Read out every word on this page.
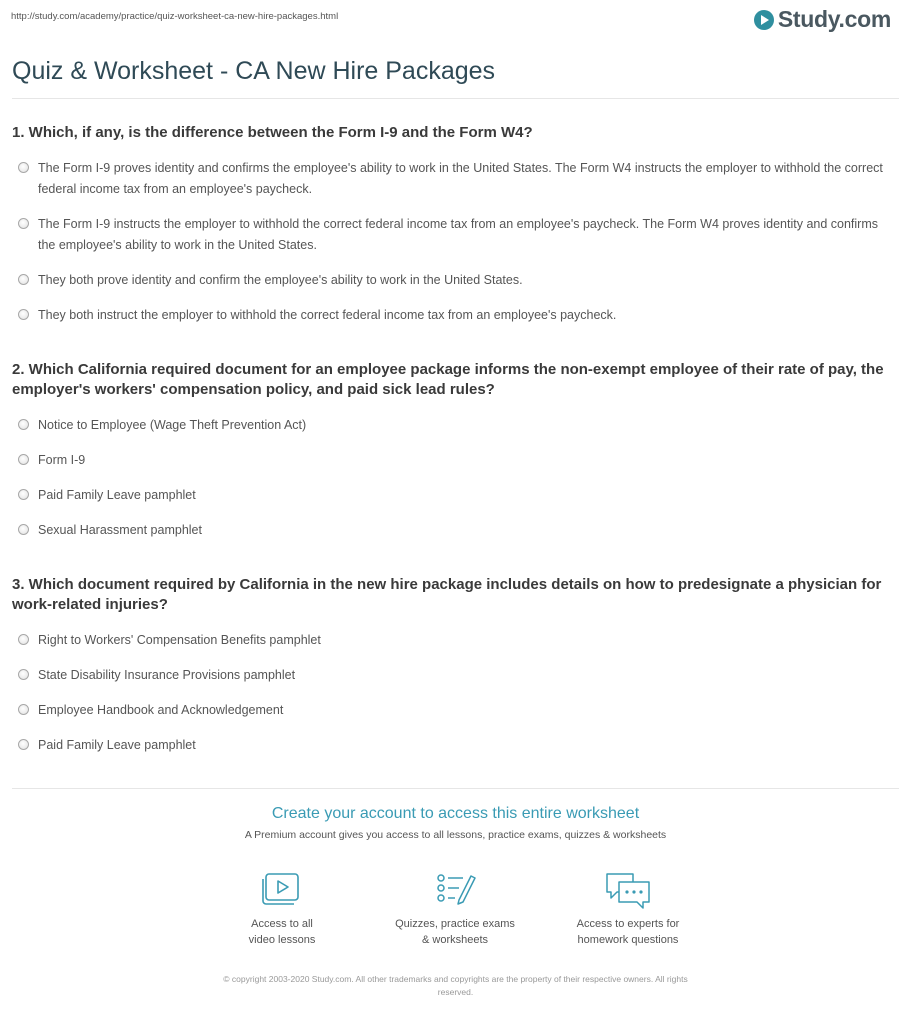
http://study.com/academy/practice/quiz-worksheet-ca-new-hire-packages.html	Study.com
Quiz & Worksheet - CA New Hire Packages

1. Which, if any, is the difference between the Form I-9 and the Form W4?

The Form I-9 proves identity and confirms the employee's ability to work in the United States. The Form W4 instructs the employer to withhold the correct federal income tax from an employee's paycheck.
The Form I-9 instructs the employer to withhold the correct federal income tax from an employee's paycheck. The Form W4 proves identity and confirms the employee's ability to work in the United States.
They both prove identity and confirm the employee's ability to work in the United States.
They both instruct the employer to withhold the correct federal income tax from an employee's paycheck.

2. Which California required document for an employee package informs the non-exempt employee of their rate of pay, the employer's workers' compensation policy, and paid sick lead rules?

Notice to Employee (Wage Theft Prevention Act)
Form I-9
Paid Family Leave pamphlet
Sexual Harassment pamphlet

3. Which document required by California in the new hire package includes details on how to predesignate a physician for work-related injuries?

Right to Workers' Compensation Benefits pamphlet
State Disability Insurance Provisions pamphlet
Employee Handbook and Acknowledgement
Paid Family Leave pamphlet
Create your account to access this entire worksheet
A Premium account gives you access to all lessons, practice exams, quizzes & worksheets
Access to all
video lessons
Quizzes, practice exams
& worksheets
Access to experts for
homework questions
© copyright 2003-2020 Study.com. All other trademarks and copyrights are the property of their respective owners. All rights
reserved.
